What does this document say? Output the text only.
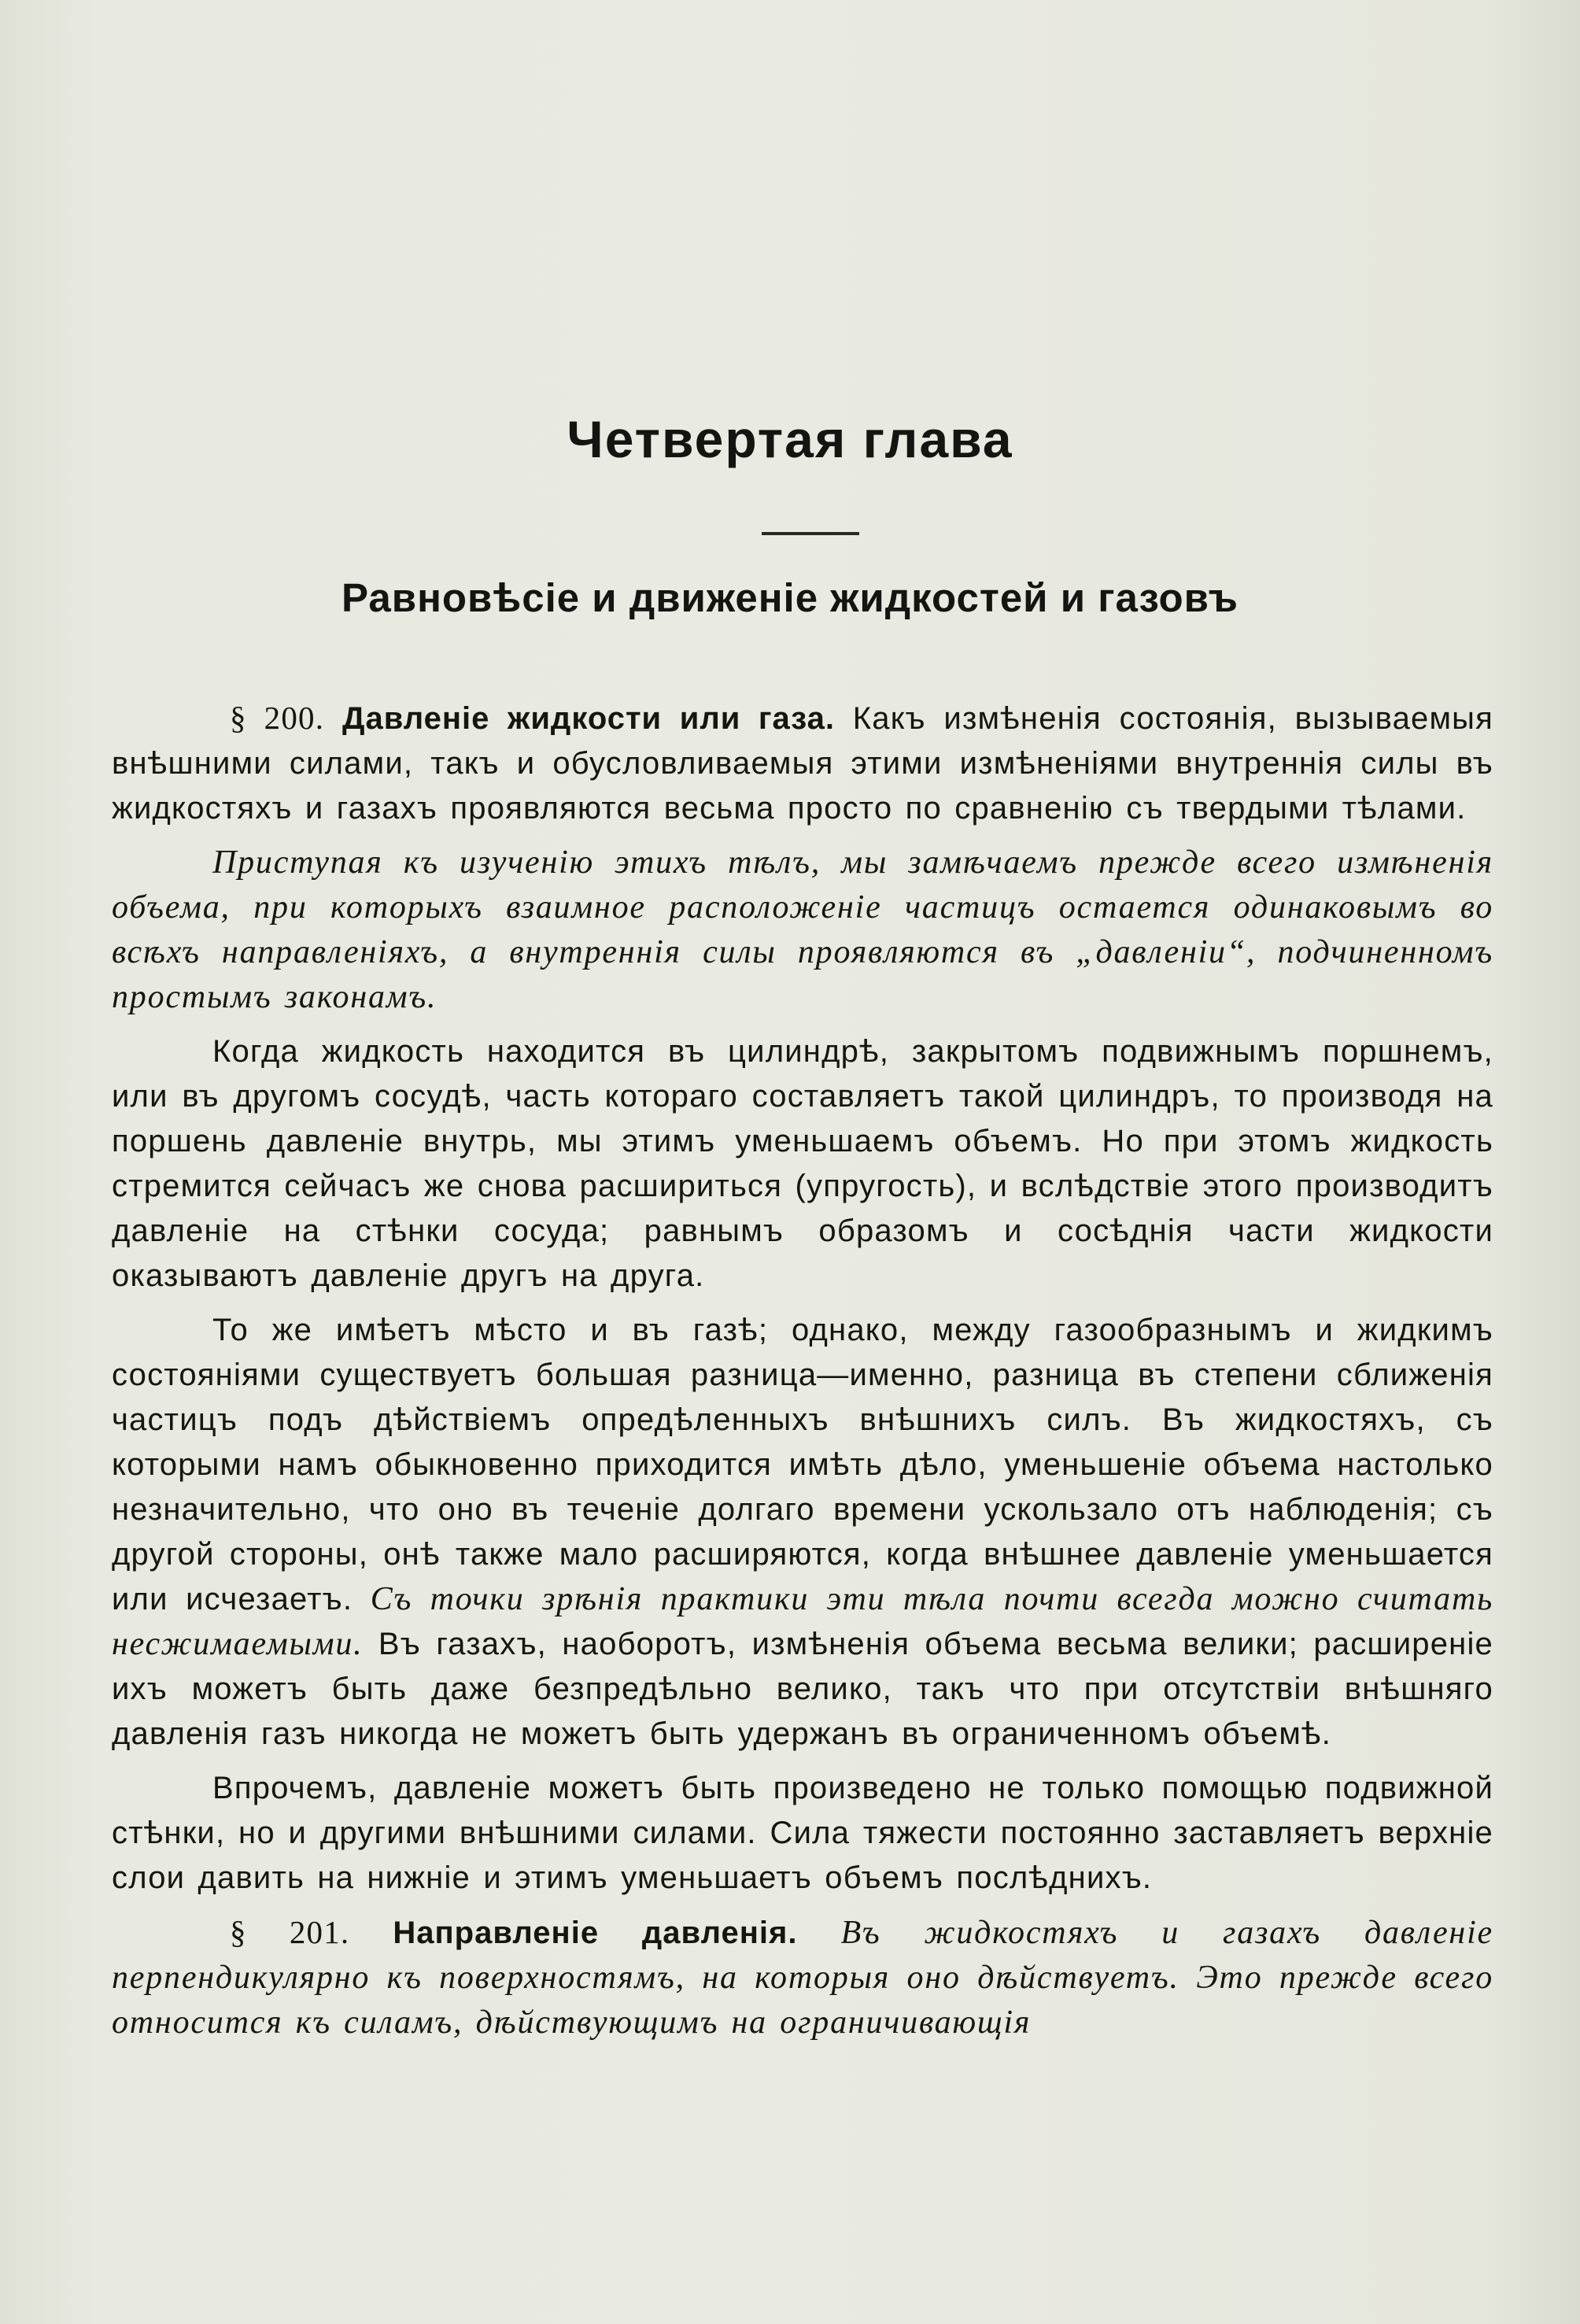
Четвертая глава
Равновѣсіе и движеніе жидкостей и газовъ

§ 200. Давленіе жидкости или газа. Какъ измѣненія состоянія, вызываемыя внѣшними силами, такъ и обусловливаемыя этими измѣненіями внутреннія силы въ жидкостяхъ и газахъ проявляются весьма просто по сравненію съ твердыми тѣлами.

Приступая къ изученію этихъ тѣлъ, мы замѣчаемъ прежде всего измѣненія объема, при которыхъ взаимное расположеніе частицъ остается одинаковымъ во всѣхъ направленіяхъ, а внутреннія силы проявляются въ „давленіи“, подчиненномъ простымъ законамъ.

Когда жидкость находится въ цилиндрѣ, закрытомъ подвижнымъ поршнемъ, или въ другомъ сосудѣ, часть котораго составляетъ такой цилиндръ, то производя на поршень давленіе внутрь, мы этимъ уменьшаемъ объемъ. Но при этомъ жидкость стремится сейчасъ же снова расшириться (упругость), и вслѣдствіе этого производитъ давленіе на стѣнки сосуда; равнымъ образомъ и сосѣднія части жидкости оказываютъ давленіе другъ на друга.

То же имѣетъ мѣсто и въ газѣ; однако, между газообразнымъ и жидкимъ состояніями существуетъ большая разница—именно, разница въ степени сближенія частицъ подъ дѣйствіемъ опредѣленныхъ внѣшнихъ силъ. Въ жидкостяхъ, съ которыми намъ обыкновенно приходится имѣть дѣло, уменьшеніе объема настолько незначительно, что оно въ теченіе долгаго времени ускользало отъ наблюденія; съ другой стороны, онѣ также мало расширяются, когда внѣшнее давленіе уменьшается или исчезаетъ. Съ точки зрѣнія практики эти тѣла почти всегда можно считать несжимаемыми. Въ газахъ, наоборотъ, измѣненія объема весьма велики; расширеніе ихъ можетъ быть даже безпредѣльно велико, такъ что при отсутствіи внѣшняго давленія газъ никогда не можетъ быть удержанъ въ ограниченномъ объемѣ.

Впрочемъ, давленіе можетъ быть произведено не только помощью подвижной стѣнки, но и другими внѣшними силами. Сила тяжести постоянно заставляетъ верхніе слои давить на нижніе и этимъ уменьшаетъ объемъ послѣднихъ.

§ 201. Направленіе давленія. Въ жидкостяхъ и газахъ давленіе перпендикулярно къ поверхностямъ, на которыя оно дѣйствуетъ. Это прежде всего относится къ силамъ, дѣйствующимъ на ограничивающія
